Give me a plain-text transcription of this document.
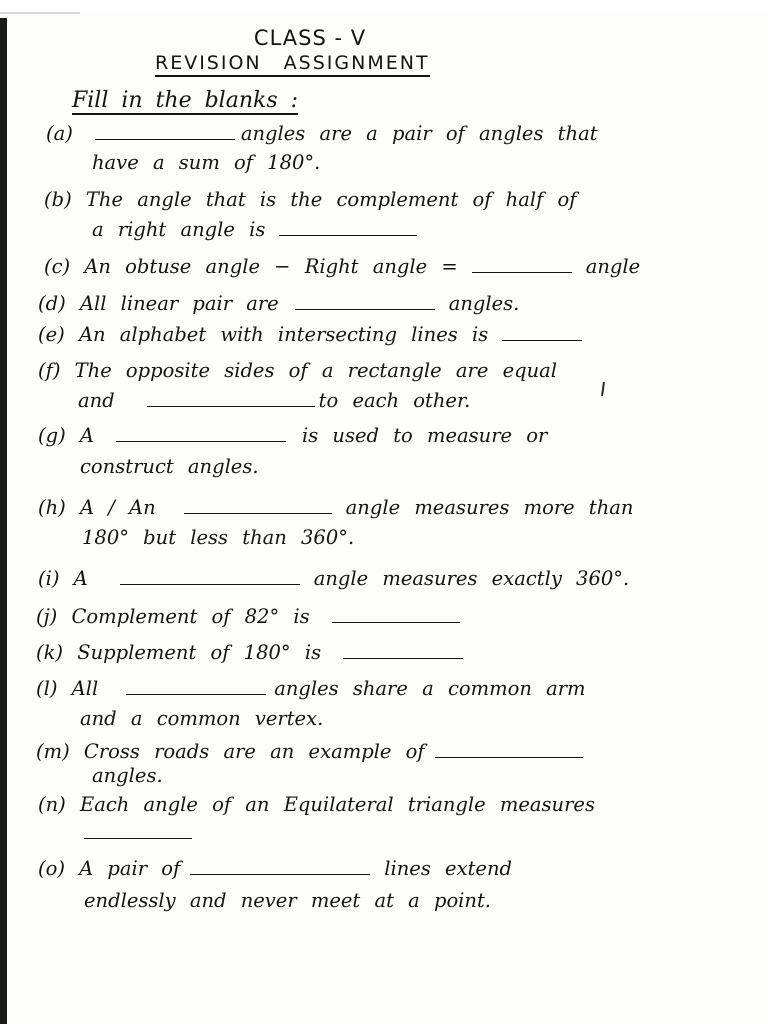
CLASS - V
REVISION ASSIGNMENT
Fill in the blanks :
(a)	angles are a pair of angles that
have a sum of 180°.
(b) The angle that is the complement of half of
a right angle is
(c) An obtuse angle − Right angle =	angle
(d) All linear pair are	angles.
(e) An alphabet with intersecting lines is
(f) The opposite sides of a rectangle are equal
and	to each other.
(g) A	is used to measure or
construct angles.
(h) A / An	angle measures more than
180° but less than 360°.
(i) A	angle measures exactly 360°.
(j) Complement of 82° is
(k) Supplement of 180° is
(l) All	angles share a common arm
and a common vertex.
(m) Cross roads are an example of
angles.
(n) Each angle of an Equilateral triangle measures
(o) A pair of	lines extend
endlessly and never meet at a point.
